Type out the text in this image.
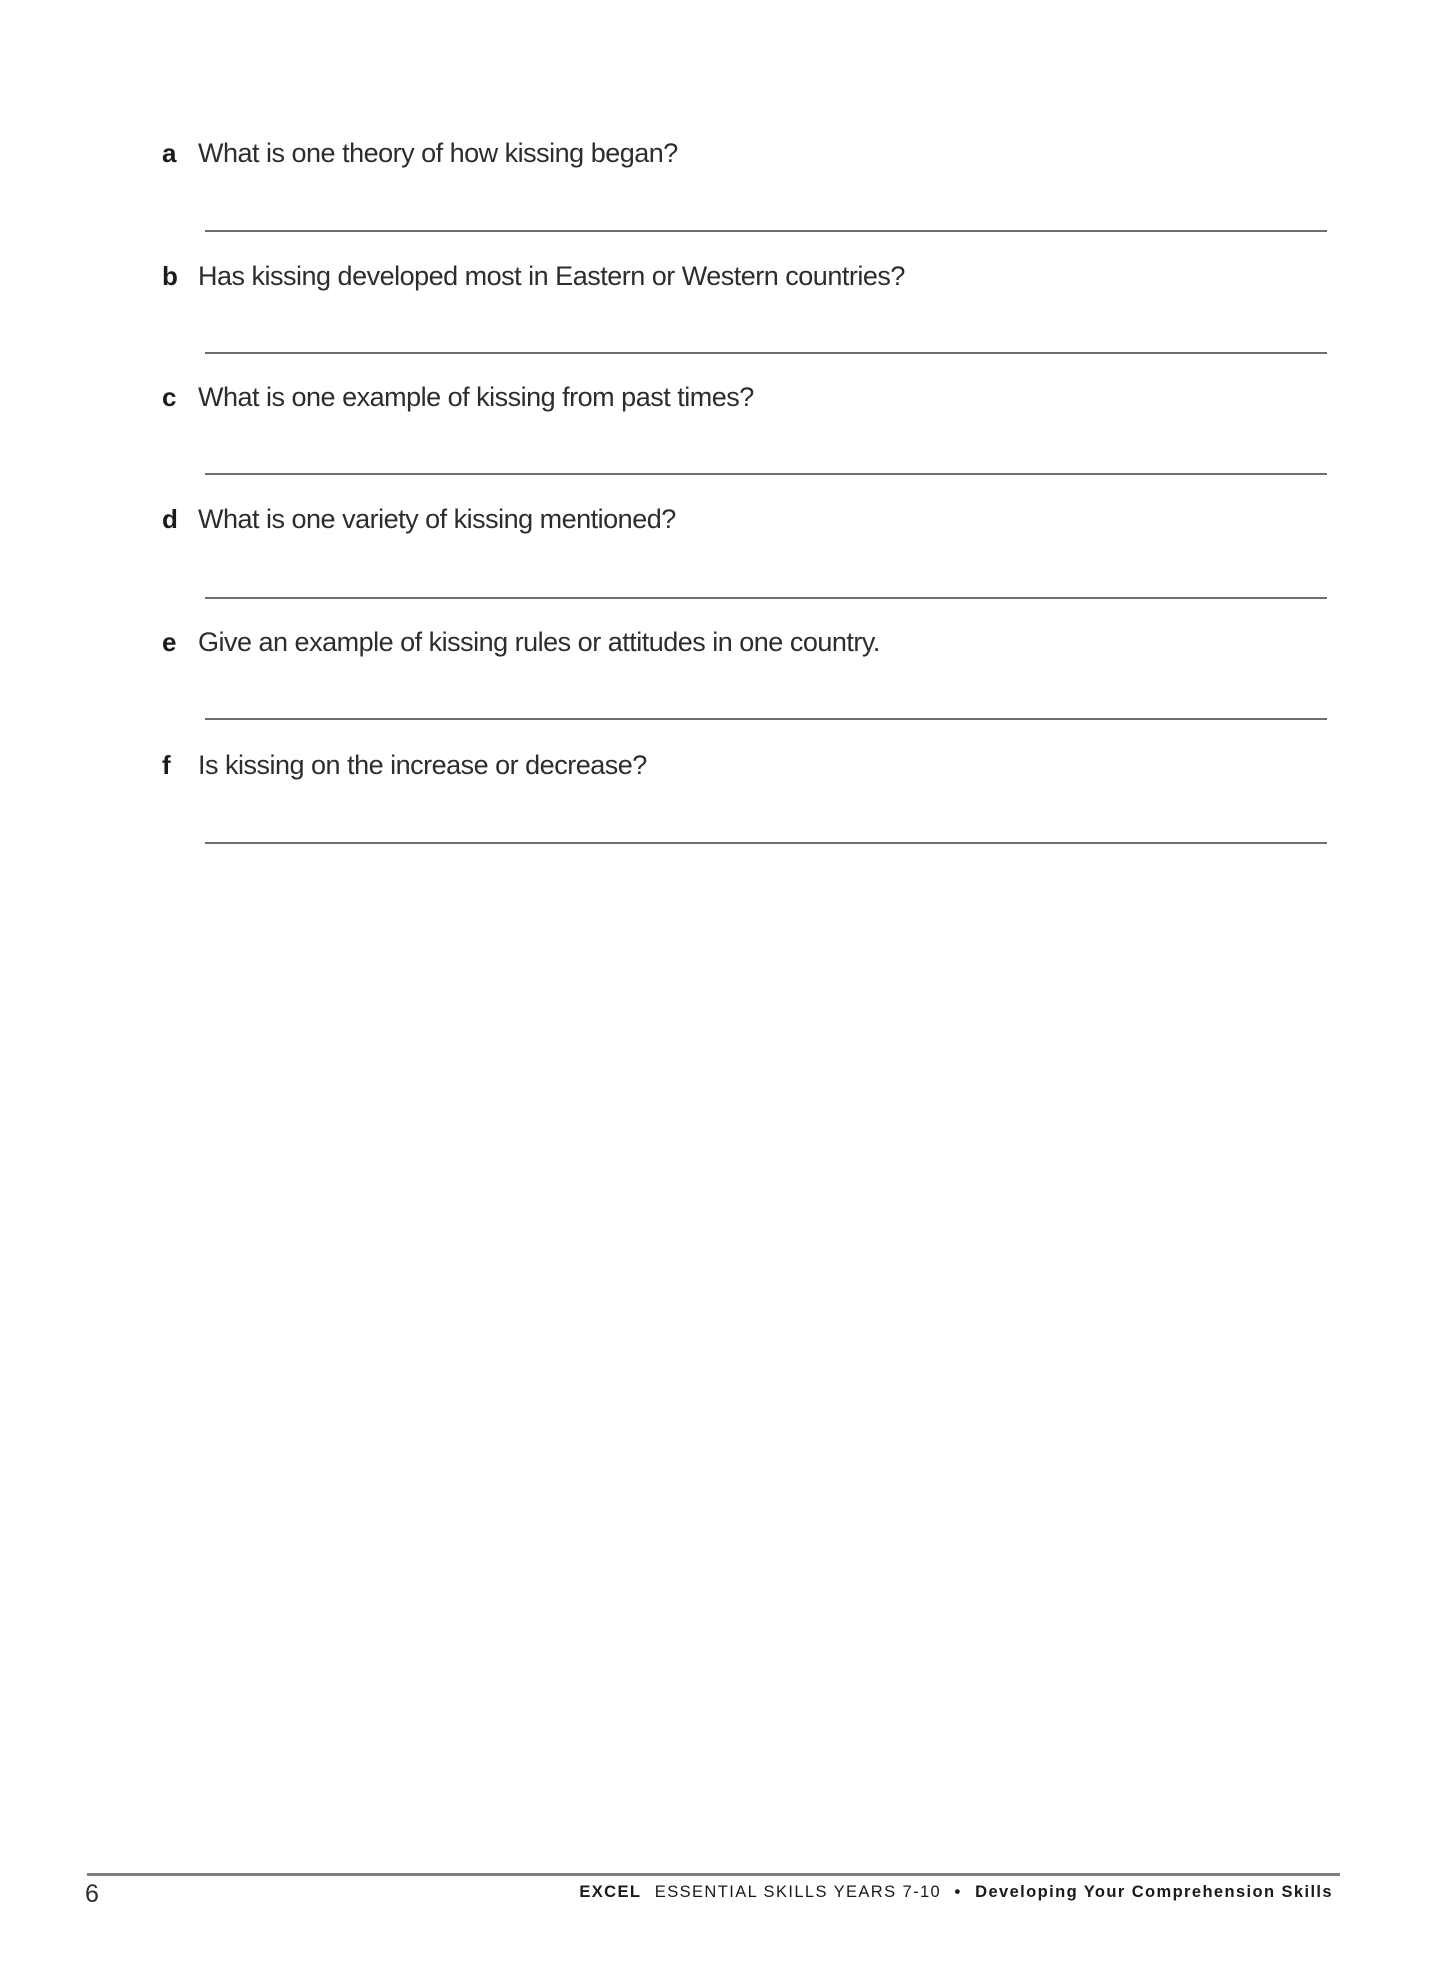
a What is one theory of how kissing began?
b Has kissing developed most in Eastern or Western countries?
c What is one example of kissing from past times?
d What is one variety of kissing mentioned?
e Give an example of kissing rules or attitudes in one country.
f Is kissing on the increase or decrease?
6	EXCEL ESSENTIAL SKILLS YEARS 7-10 • Developing Your Comprehension Skills
